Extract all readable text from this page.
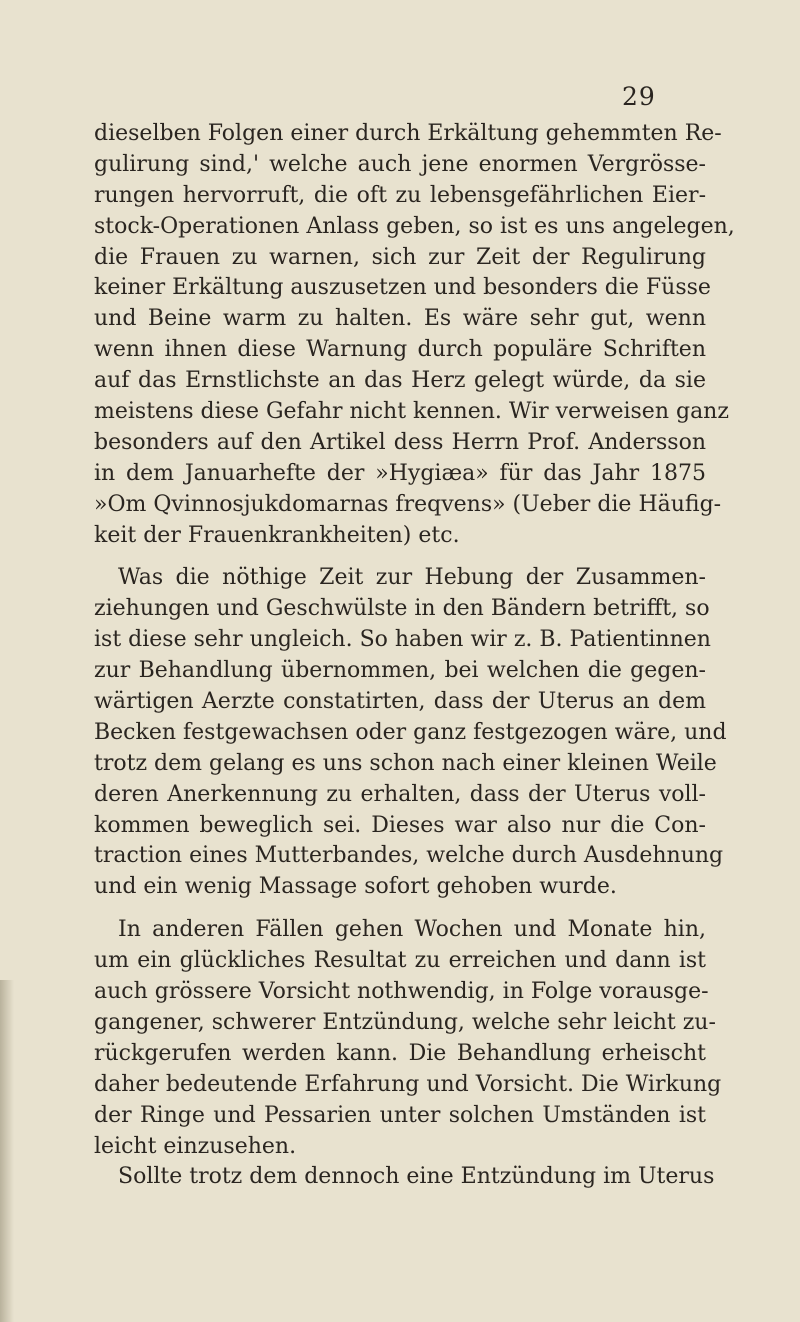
29
dieselben Folgen einer durch Erkältung gehemmten Re-
gulirung sind,' welche auch jene enormen Vergrösse-
rungen hervorruft, die oft zu lebensgefährlichen Eier-
stock-Operationen Anlass geben, so ist es uns angelegen,
die Frauen zu warnen, sich zur Zeit der Regulirung
keiner Erkältung auszusetzen und besonders die Füsse
und Beine warm zu halten. Es wäre sehr gut, wenn
wenn ihnen diese Warnung durch populäre Schriften
auf das Ernstlichste an das Herz gelegt würde, da sie
meistens diese Gefahr nicht kennen. Wir verweisen ganz
besonders auf den Artikel dess Herrn Prof. Andersson
in dem Januarhefte der »Hygiæa» für das Jahr 1875
»Om Qvinnosjukdomarnas freqvens» (Ueber die Häufig-
keit der Frauenkrankheiten) etc.
Was die nöthige Zeit zur Hebung der Zusammen-
ziehungen und Geschwülste in den Bändern betrifft, so
ist diese sehr ungleich. So haben wir z. B. Patientinnen
zur Behandlung übernommen, bei welchen die gegen-
wärtigen Aerzte constatirten, dass der Uterus an dem
Becken festgewachsen oder ganz festgezogen wäre, und
trotz dem gelang es uns schon nach einer kleinen Weile
deren Anerkennung zu erhalten, dass der Uterus voll-
kommen beweglich sei. Dieses war also nur die Con-
traction eines Mutterbandes, welche durch Ausdehnung
und ein wenig Massage sofort gehoben wurde.
In anderen Fällen gehen Wochen und Monate hin,
um ein glückliches Resultat zu erreichen und dann ist
auch grössere Vorsicht nothwendig, in Folge vorausge-
gangener, schwerer Entzündung, welche sehr leicht zu-
rückgerufen werden kann. Die Behandlung erheischt
daher bedeutende Erfahrung und Vorsicht. Die Wirkung
der Ringe und Pessarien unter solchen Umständen ist
leicht einzusehen.
Sollte trotz dem dennoch eine Entzündung im Uterus
